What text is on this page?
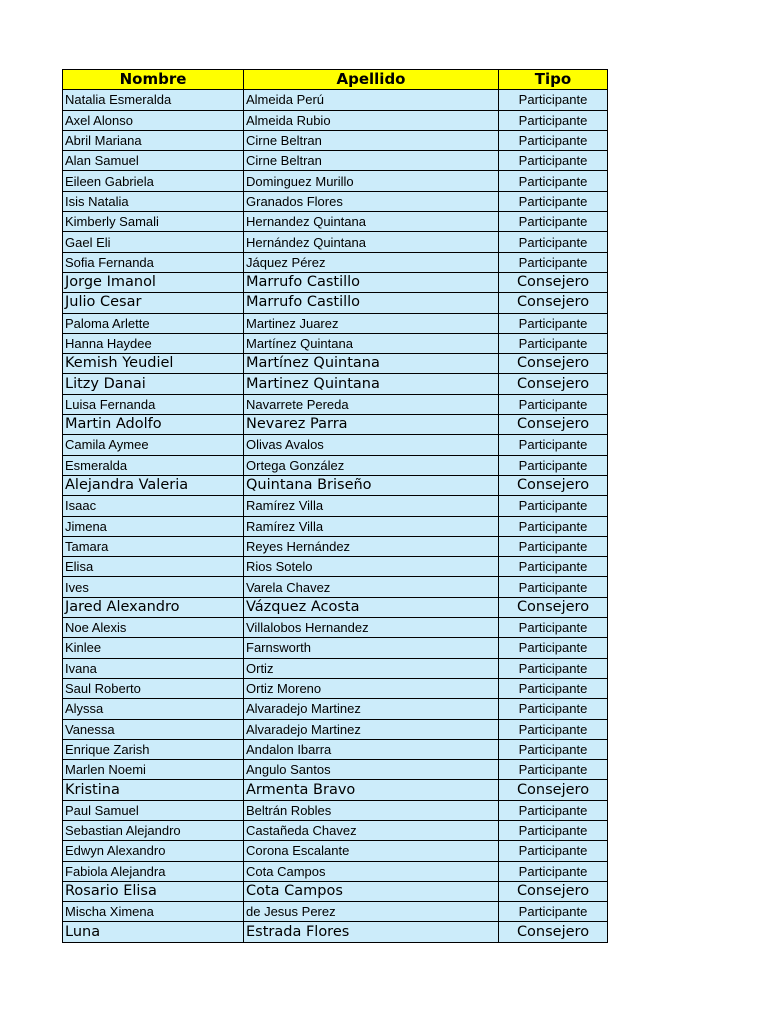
Nombre	Apellido	Tipo
Natalia Esmeralda	Almeida Perú	Participante
Axel Alonso	Almeida Rubio	Participante
Abril Mariana	Cirne Beltran	Participante
Alan Samuel	Cirne Beltran	Participante
Eileen Gabriela	Dominguez Murillo	Participante
Isis Natalia	Granados Flores	Participante
Kimberly Samali	Hernandez Quintana	Participante
Gael Eli	Hernández Quintana	Participante
Sofia Fernanda	Jáquez Pérez	Participante
Jorge Imanol	Marrufo Castillo	Consejero
Julio Cesar	Marrufo Castillo	Consejero
Paloma Arlette	Martinez Juarez	Participante
Hanna Haydee	Martínez Quintana	Participante
Kemish Yeudiel	Martínez Quintana	Consejero
Litzy Danai	Martinez Quintana	Consejero
Luisa Fernanda	Navarrete Pereda	Participante
Martin Adolfo	Nevarez Parra	Consejero
Camila Aymee	Olivas Avalos	Participante
Esmeralda	Ortega González	Participante
Alejandra Valeria	Quintana Briseño	Consejero
Isaac	Ramírez Villa	Participante
Jimena	Ramírez Villa	Participante
Tamara	Reyes Hernández	Participante
Elisa	Rios Sotelo	Participante
Ives	Varela Chavez	Participante
Jared Alexandro	Vázquez Acosta	Consejero
Noe Alexis	Villalobos Hernandez	Participante
Kinlee	Farnsworth	Participante
Ivana	Ortiz	Participante
Saul Roberto	Ortiz Moreno	Participante
Alyssa	Alvaradejo Martinez	Participante
Vanessa	Alvaradejo Martinez	Participante
Enrique Zarish	Andalon Ibarra	Participante
Marlen Noemi	Angulo Santos	Participante
Kristina	Armenta Bravo	Consejero
Paul Samuel	Beltrán Robles	Participante
Sebastian Alejandro	Castañeda Chavez	Participante
Edwyn Alexandro	Corona Escalante	Participante
Fabiola Alejandra	Cota Campos	Participante
Rosario Elisa	Cota Campos	Consejero
Mischa Ximena	de Jesus Perez	Participante
Luna	Estrada Flores	Consejero
